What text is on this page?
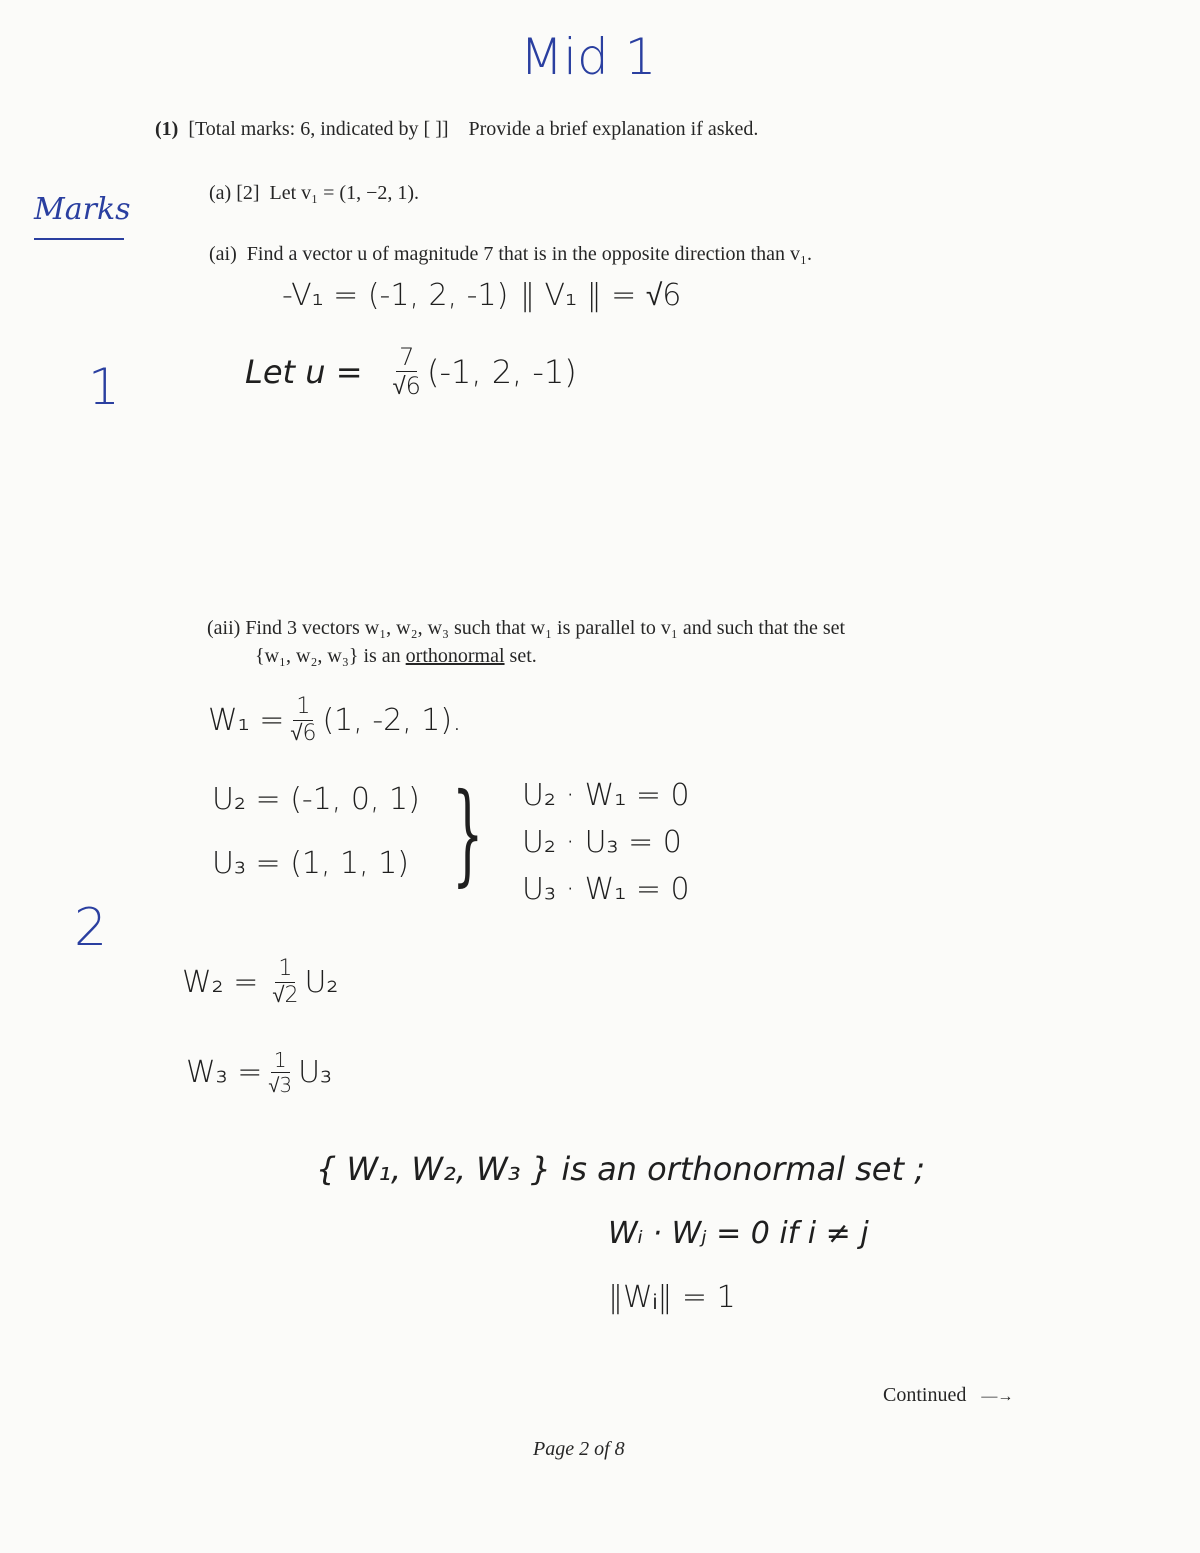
Mid 1
Marks
1
2
(1) [Total marks: 6, indicated by [ ]] Provide a brief explanation if asked.
(a) [2] Let v₁ = (1, −2, 1).
(ai) Find a vector u of magnitude 7 that is in the opposite direction than v₁.
-V₁ = (-1, 2, -1) ‖ V₁ ‖ = √6
Let $u = \frac{7}{√6} (-1$, 2, -1)
(aii) Find 3 vectors w₁, w₂, w₃ such that w₁ is parallel to v₁ and such that the set
{w₁, w₂, w₃} is an orthonormal set.
$W_1 = \frac{1}{√6} (1$, -2, 1).
U₂ = (-1, 0, 1)
U₃ = (1, 1, 1) } U₂ · W₁ = 0
U₂ · U₃ = 0
U₃ · W₁ = 0
$W_2 = \frac{1}{√2} U_2$
$W_3 = \frac{1}{√3} U_3$
{ W₁, W₂, W₃ } is an orthonormal set ;
Wᵢ · Wⱼ = 0 if i ≠ j
‖Wᵢ‖ = 1
Continued —→
Page 2 of 8
